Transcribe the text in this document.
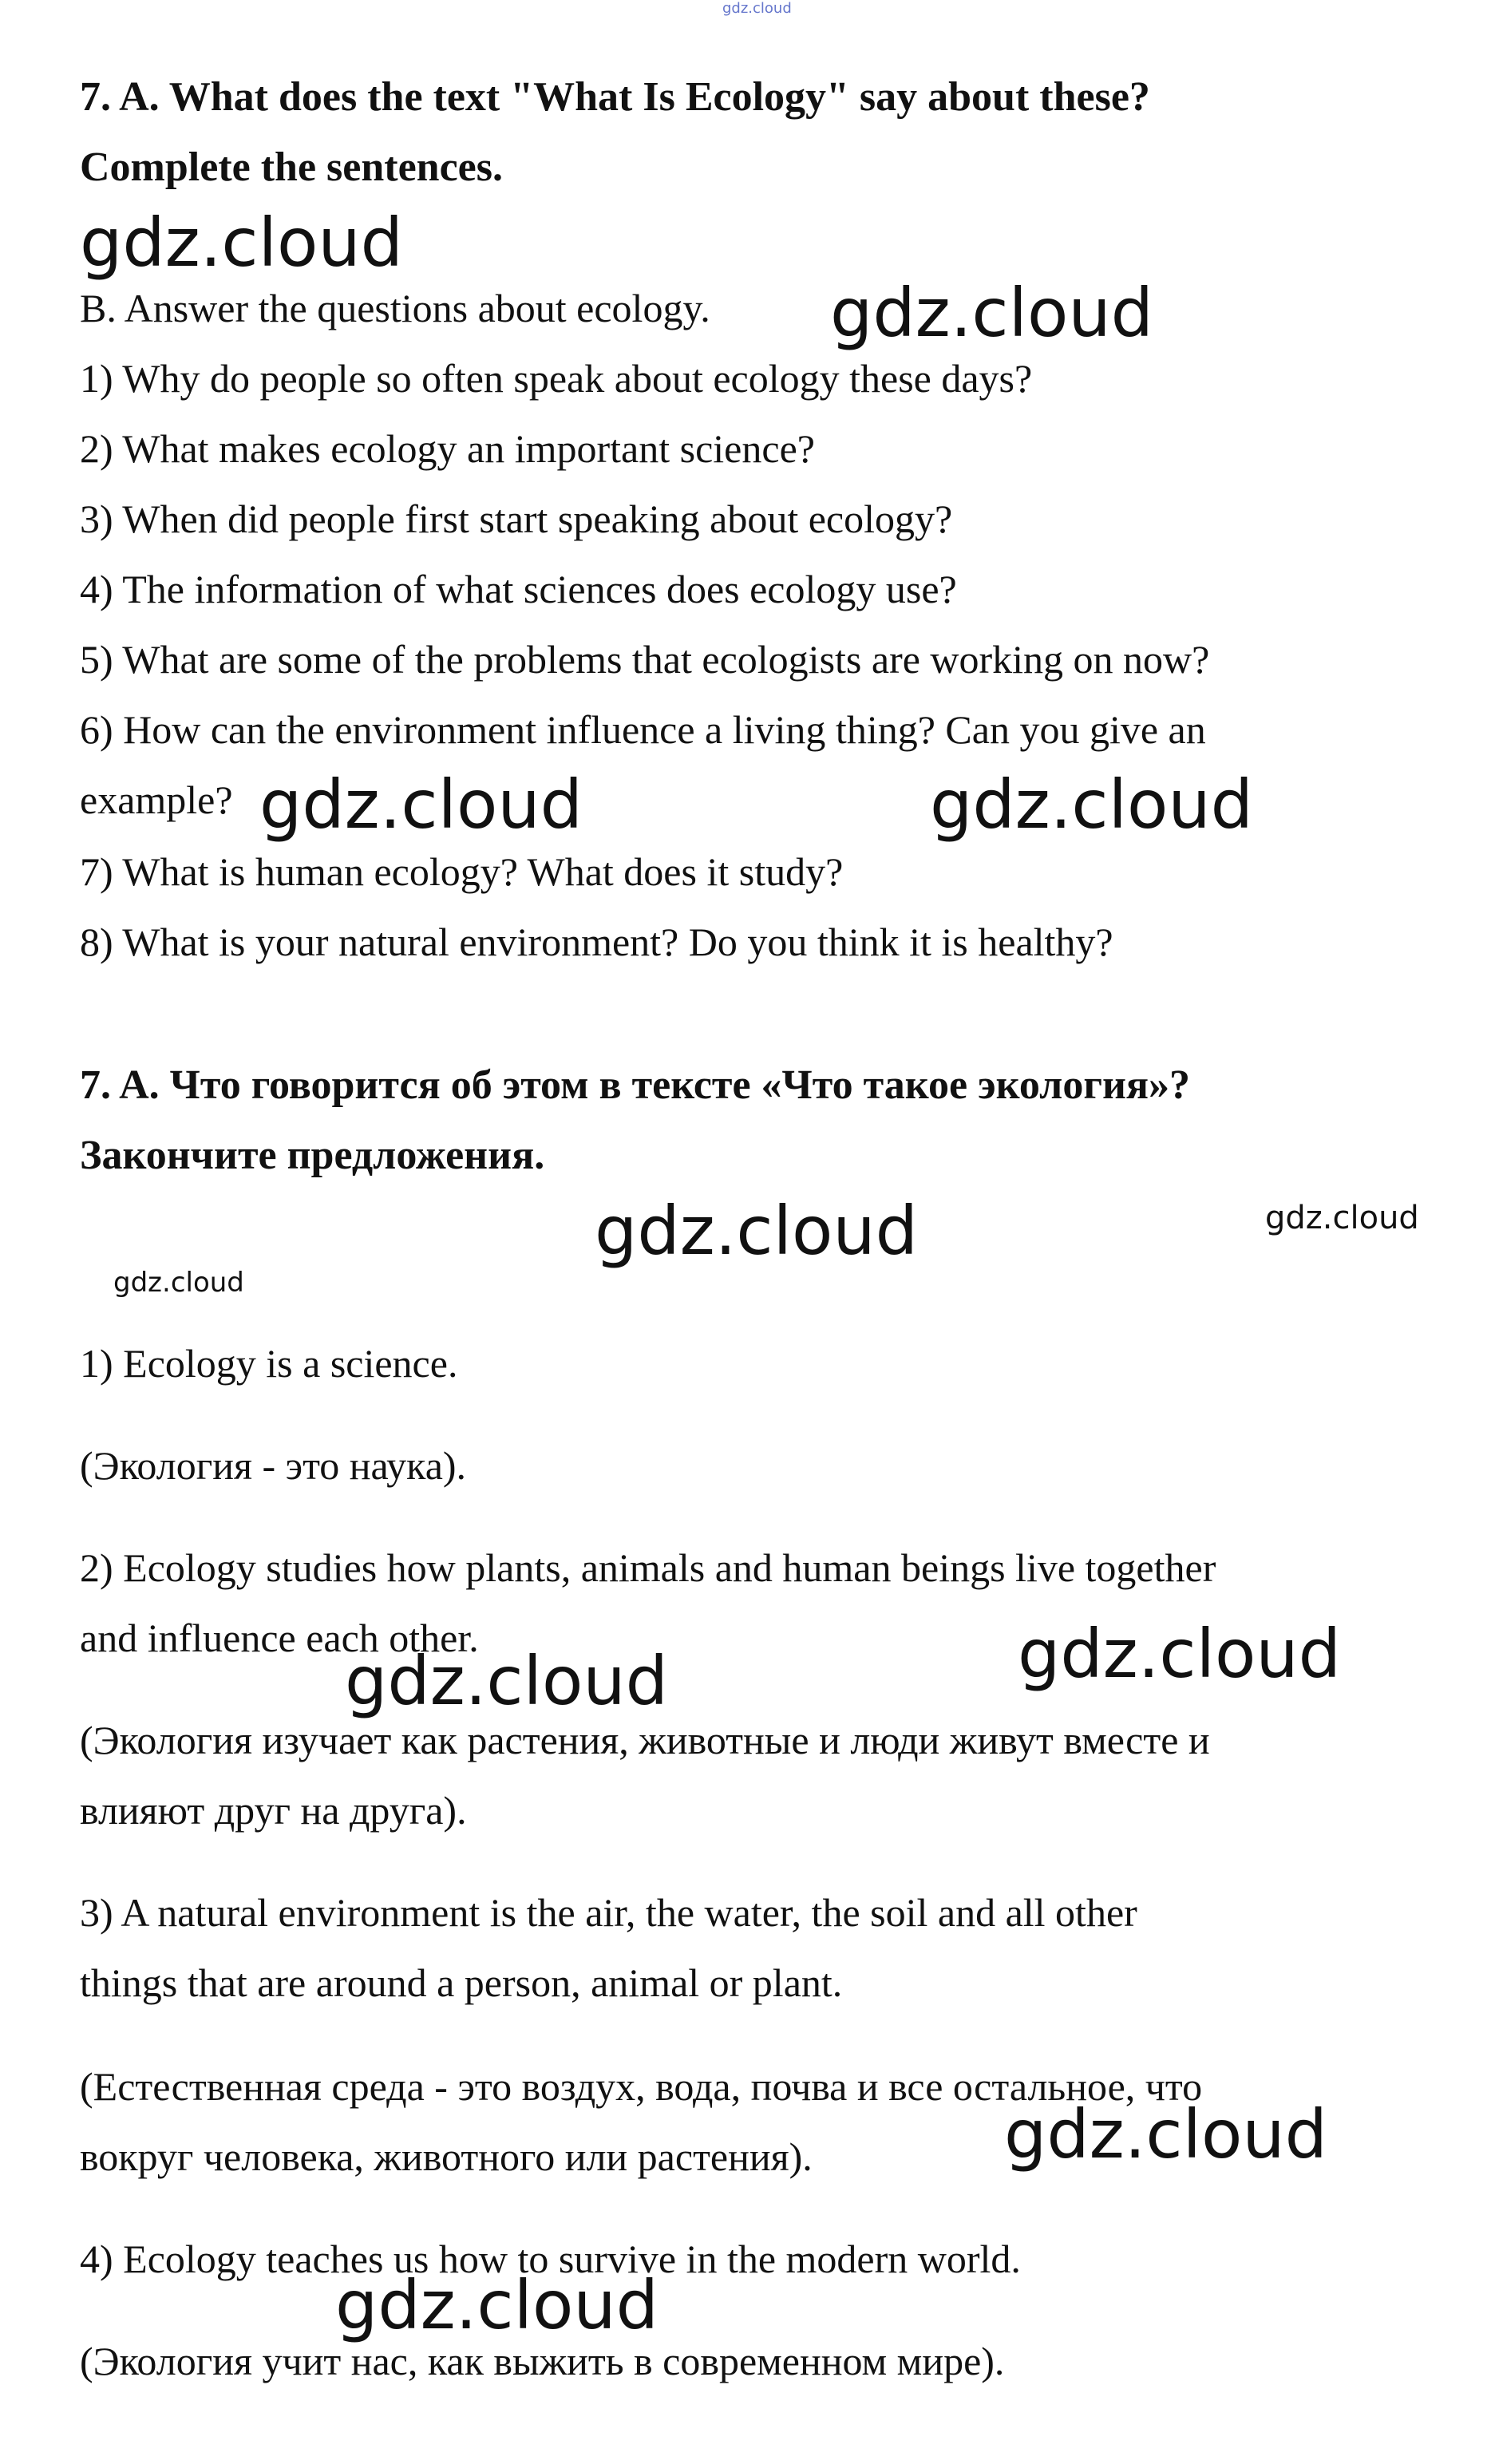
gdz.cloud
7. A. What does the text "What Is Ecology" say about these?
Complete the sentences.
gdz.cloud
B. Answer the questions about ecology. gdz.cloud
1) Why do people so often speak about ecology these days?
2) What makes ecology an important science?
3) When did people first start speaking about ecology?
4) The information of what sciences does ecology use?
5) What are some of the problems that ecologists are working on now?
6) How can the environment influence a living thing? Can you give an
example? gdz.cloud	gdz.cloud
7) What is human ecology? What does it study?
8) What is your natural environment? Do you think it is healthy?
7. A. Что говорится об этом в тексте «Что такое экология»?
Закончите предложения.
gdz.cloud	gdz.cloud
gdz.cloud
1) Ecology is a science.
(Экология - это наука).
2) Ecology studies how plants, animals and human beings live together
and influence each other.
gdz.cloud	gdz.cloud
(Экология изучает как растения, животные и люди живут вместе и
влияют друг на друга).
3) A natural environment is the air, the water, the soil and all other
things that are around a person, animal or plant.
(Естественная среда - это воздух, вода, почва и все остальное, что
вокруг человека, животного или растения).	gdz.cloud
4) Ecology teaches us how to survive in the modern world.
gdz.cloud
(Экология учит нас, как выжить в современном мире).
